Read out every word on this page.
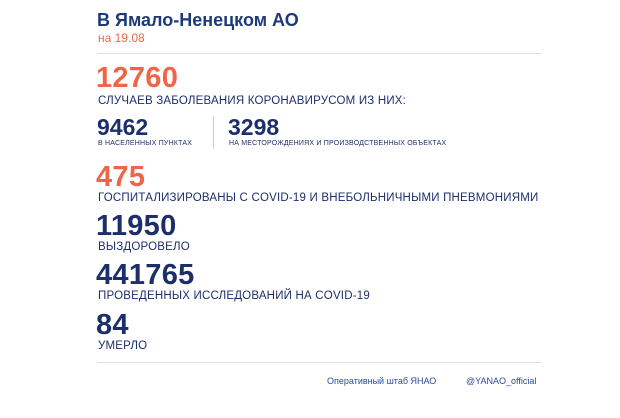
В Ямало-Ненецком АО
на 19.08
12760
СЛУЧАЕВ ЗАБОЛЕВАНИЯ КОРОНАВИРУСОМ ИЗ НИХ:
9462
В НАСЕЛЕННЫХ ПУНКТАХ
3298
НА МЕСТОРОЖДЕНИЯХ И ПРОИЗВОДСТВЕННЫХ ОБЪЕКТАХ
475
ГОСПИТАЛИЗИРОВАНЫ С COVID-19 И ВНЕБОЛЬНИЧНЫМИ ПНЕВМОНИЯМИ
11950
ВЫЗДОРОВЕЛО
441765
ПРОВЕДЕННЫХ ИССЛЕДОВАНИЙ НА COVID-19
84
УМЕРЛО
Оперативный штаб ЯНАО	@YANAO_official
